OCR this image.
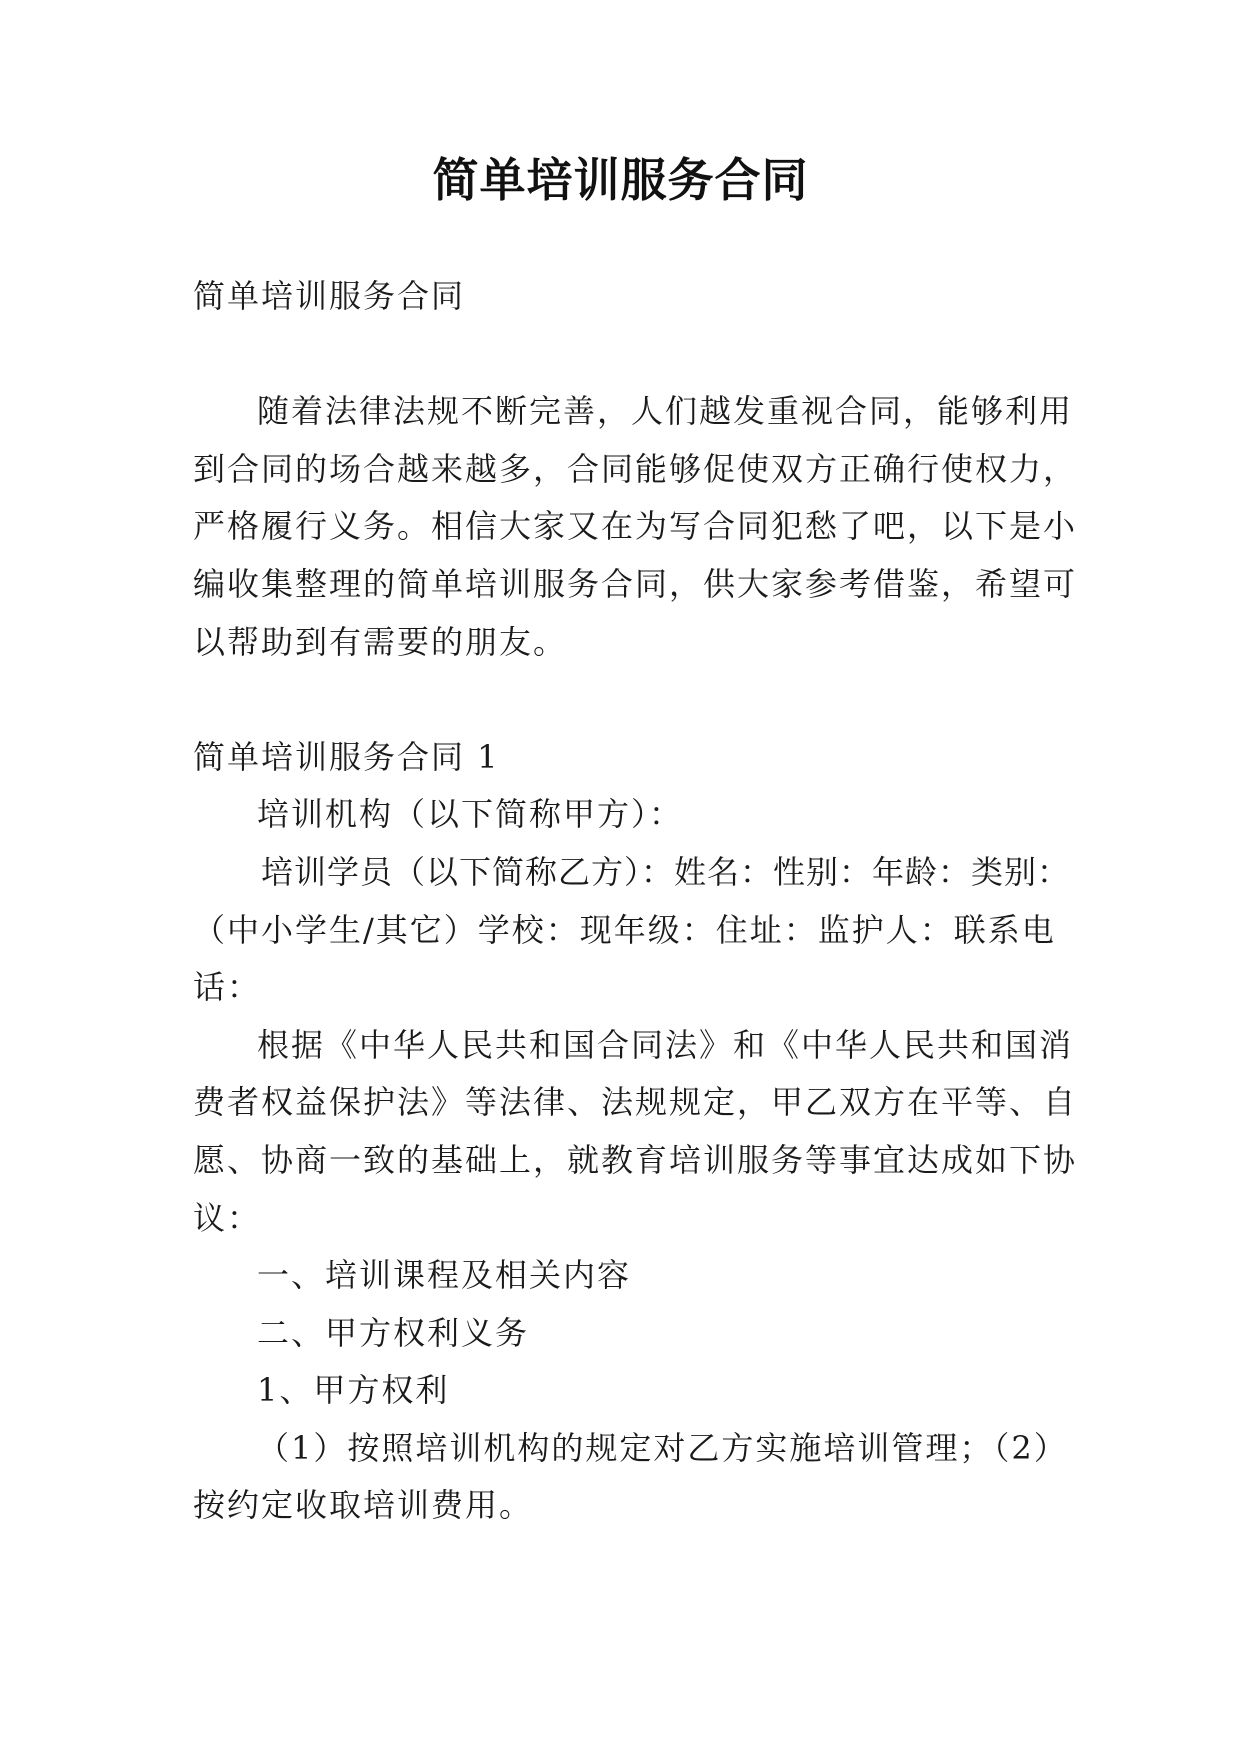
简单培训服务合同
简单培训服务合同
随着法律法规不断完善，人们越发重视合同，能够利用
到合同的场合越来越多，合同能够促使双方正确行使权力，
严格履行义务。相信大家又在为写合同犯愁了吧，以下是小
编收集整理的简单培训服务合同，供大家参考借鉴，希望可
以帮助到有需要的朋友。
简单培训服务合同 1
培训机构（以下简称甲方）：
培训学员（以下简称乙方）：姓名：性别：年龄：类别：
（中小学生/其它）学校：现年级：住址：监护人：联系电
话：
根据《中华人民共和国合同法》和《中华人民共和国消
费者权益保护法》等法律、法规规定，甲乙双方在平等、自
愿、协商一致的基础上，就教育培训服务等事宜达成如下协
议：
一、培训课程及相关内容
二、甲方权利义务
1、甲方权利
（1）按照培训机构的规定对乙方实施培训管理；（2）
按约定收取培训费用。
